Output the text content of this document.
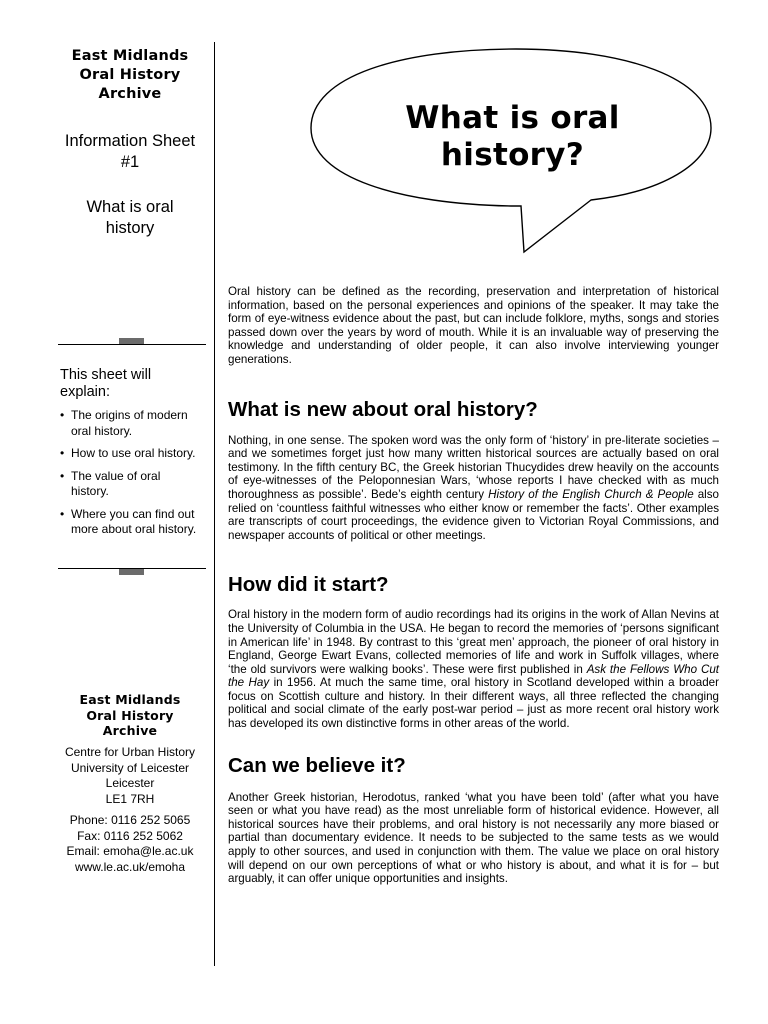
East Midlands
Oral History
Archive
Information Sheet
#1
What is oral
history
This sheet will
explain:
• The origins of modern
oral history.
• How to use oral history.
• The value of oral
history.
• Where you can find out
more about oral history.
East Midlands
Oral History
Archive
Centre for Urban History
University of Leicester
Leicester
LE1 7RH
Phone: 0116 252 5065
Fax: 0116 252 5062
Email: emoha@le.ac.uk
www.le.ac.uk/emoha
What is oral
history?

Oral history can be defined as the recording, preservation and interpretation of historical information, based on the personal experiences and opinions of the speaker. It may take the form of eye-witness evidence about the past, but can include folklore, myths, songs and stories passed down over the years by word of mouth. While it is an invaluable way of preserving the knowledge and understanding of older people, it can also involve interviewing younger generations.

What is new about oral history?

Nothing, in one sense. The spoken word was the only form of ‘history’ in pre-literate societies – and we sometimes forget just how many written historical sources are actually based on oral testimony. In the fifth century BC, the Greek historian Thucydides drew heavily on the accounts of eye-witnesses of the Peloponnesian Wars, ‘whose reports I have checked with as much thoroughness as possible’. Bede’s eighth century History of the English Church & People also relied on ‘countless faithful witnesses who either know or remember the facts’. Other examples are transcripts of court proceedings, the evidence given to Victorian Royal Commissions, and newspaper accounts of political or other meetings.

How did it start?

Oral history in the modern form of audio recordings had its origins in the work of Allan Nevins at the University of Columbia in the USA. He began to record the memories of ‘persons significant in American life’ in 1948. By contrast to this ‘great men’ approach, the pioneer of oral history in England, George Ewart Evans, collected memories of life and work in Suffolk villages, where ‘the old survivors were walking books’. These were first published in Ask the Fellows Who Cut the Hay in 1956. At much the same time, oral history in Scotland developed within a broader focus on Scottish culture and history. In their different ways, all three reflected the changing political and social climate of the early post-war period – just as more recent oral history work has developed its own distinctive forms in other areas of the world.

Can we believe it?

Another Greek historian, Herodotus, ranked ‘what you have been told’ (after what you have seen or what you have read) as the most unreliable form of historical evidence. However, all historical sources have their problems, and oral history is not necessarily any more biased or partial than documentary evidence. It needs to be subjected to the same tests as we would apply to other sources, and used in conjunction with them. The value we place on oral history will depend on our own perceptions of what or who history is about, and what it is for – but arguably, it can offer unique opportunities and insights.
